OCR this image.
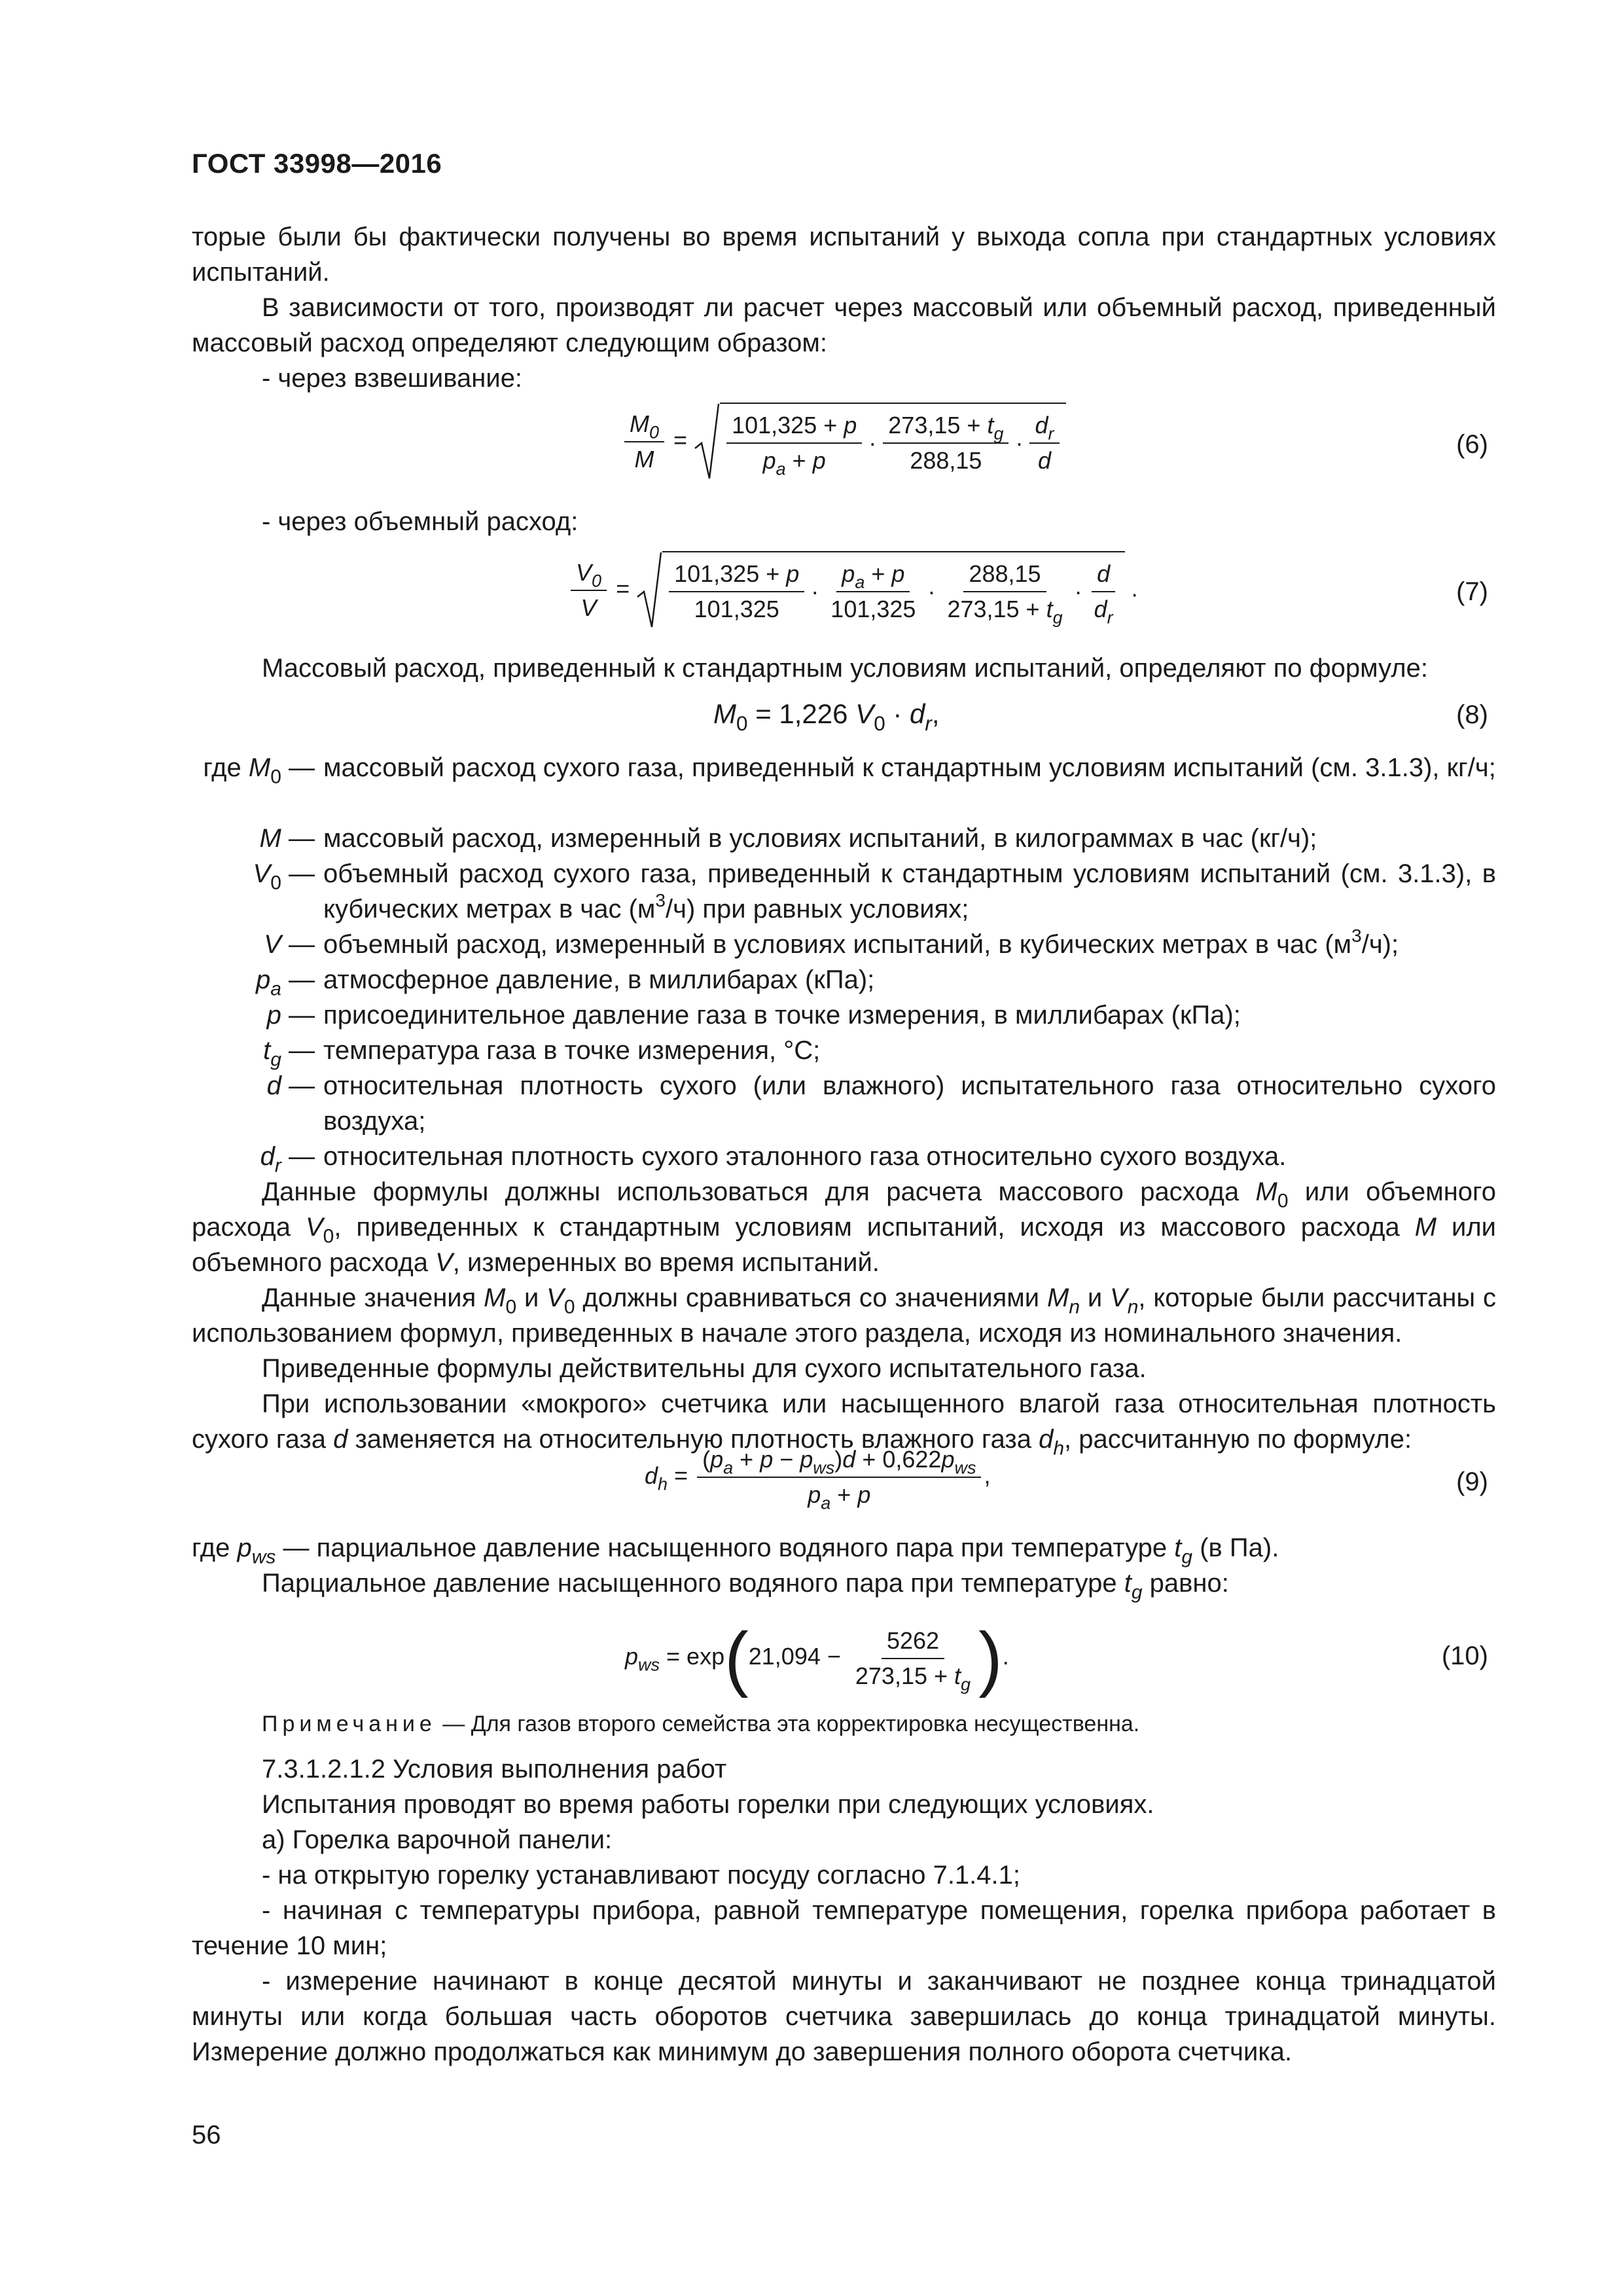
ГОСТ 33998—2016
торые были бы фактически получены во время испытаний у выхода сопла при стандартных условиях испытаний.
В зависимости от того, производят ли расчет через массовый или объемный расход, приведенный массовый расход определяют следующим образом:
- через взвешивание:
$\frac{M_0}{M} = \frac{101,325 + p}{p_a + p} \cdot \frac{273,15 + t_g}{288,15} \cdot \frac{d_r}{d}$	(6)
- через объемный расход:
$\frac{V_0}{V} = \frac{101,325 + p}{101,325} \cdot \frac{p_a + p}{101,325} \cdot \frac{288,15}{273,15 + t_g} \cdot \frac{d}{d_r}$ .	(7)
Массовый расход, приведенный к стандартным условиям испытаний, определяют по формуле:
$M_0 = 1,226$ $V_0 \cdot d_r$,	(8)
где $M_0$ — массовый расход сухого газа, приведенный к стандартным условиям испытаний (см. 3.1.3), кг/ч;
M — массовый расход, измеренный в условиях испытаний, в килограммах в час (кг/ч);
$V_0$ — объемный расход сухого газа, приведенный к стандартным условиям испытаний (см. 3.1.3), в кубических метрах в час $(м^3/ч)$ при равных условиях;
V — объемный расход, измеренный в условиях испытаний, в кубических метрах в час $(м^3/ч)$;
$p_a$ — атмосферное давление, в миллибарах (кПа);
p — присоединительное давление газа в точке измерения, в миллибарах (кПа);
$t_g$ — температура газа в точке измерения, °С;
d — относительная плотность сухого (или влажного) испытательного газа относительно сухого воздуха;
$d_r$ — относительная плотность сухого эталонного газа относительно сухого воздуха.
Данные формулы должны использоваться для расчета массового расхода $M_0$ или объемного расхода $V_0$, приведенных к стандартным условиям испытаний, исходя из массового расхода M или объемного расхода V, измеренных во время испытаний.
Данные значения $M_0$ и $V_0$ должны сравниваться со значениями $M_n$ и $V_n$, которые были рассчитаны с использованием формул, приведенных в начале этого раздела, исходя из номинального значения.
Приведенные формулы действительны для сухого испытательного газа.
При использовании «мокрого» счетчика или насыщенного влагой газа относительная плотность сухого газа d заменяется на относительную плотность влажного газа $d_h$, рассчитанную по формуле:
$d_h = \frac{(p_a + p - p_{ws})d + 0,622p_{ws}}{p_a + p}$ ,	(9)
где $p_{ws}$ — парциальное давление насыщенного водяного пара при температуре $t_g$ (в Па).
Парциальное давление насыщенного водяного пара при температуре $t_g$ равно:
$p_{ws} = \exp(21,094 - \frac{5262}{273,15 + t_g}$ ).	(10)
Примечание — Для газов второго семейства эта корректировка несущественна.
7.3.1.2.1.2 Условия выполнения работ
Испытания проводят во время работы горелки при следующих условиях.
а) Горелка варочной панели:
- на открытую горелку устанавливают посуду согласно 7.1.4.1;
- начиная с температуры прибора, равной температуре помещения, горелка прибора работает в течение 10 мин;
- измерение начинают в конце десятой минуты и заканчивают не позднее конца тринадцатой минуты или когда большая часть оборотов счетчика завершилась до конца тринадцатой минуты. Измерение должно продолжаться как минимум до завершения полного оборота счетчика.
56
